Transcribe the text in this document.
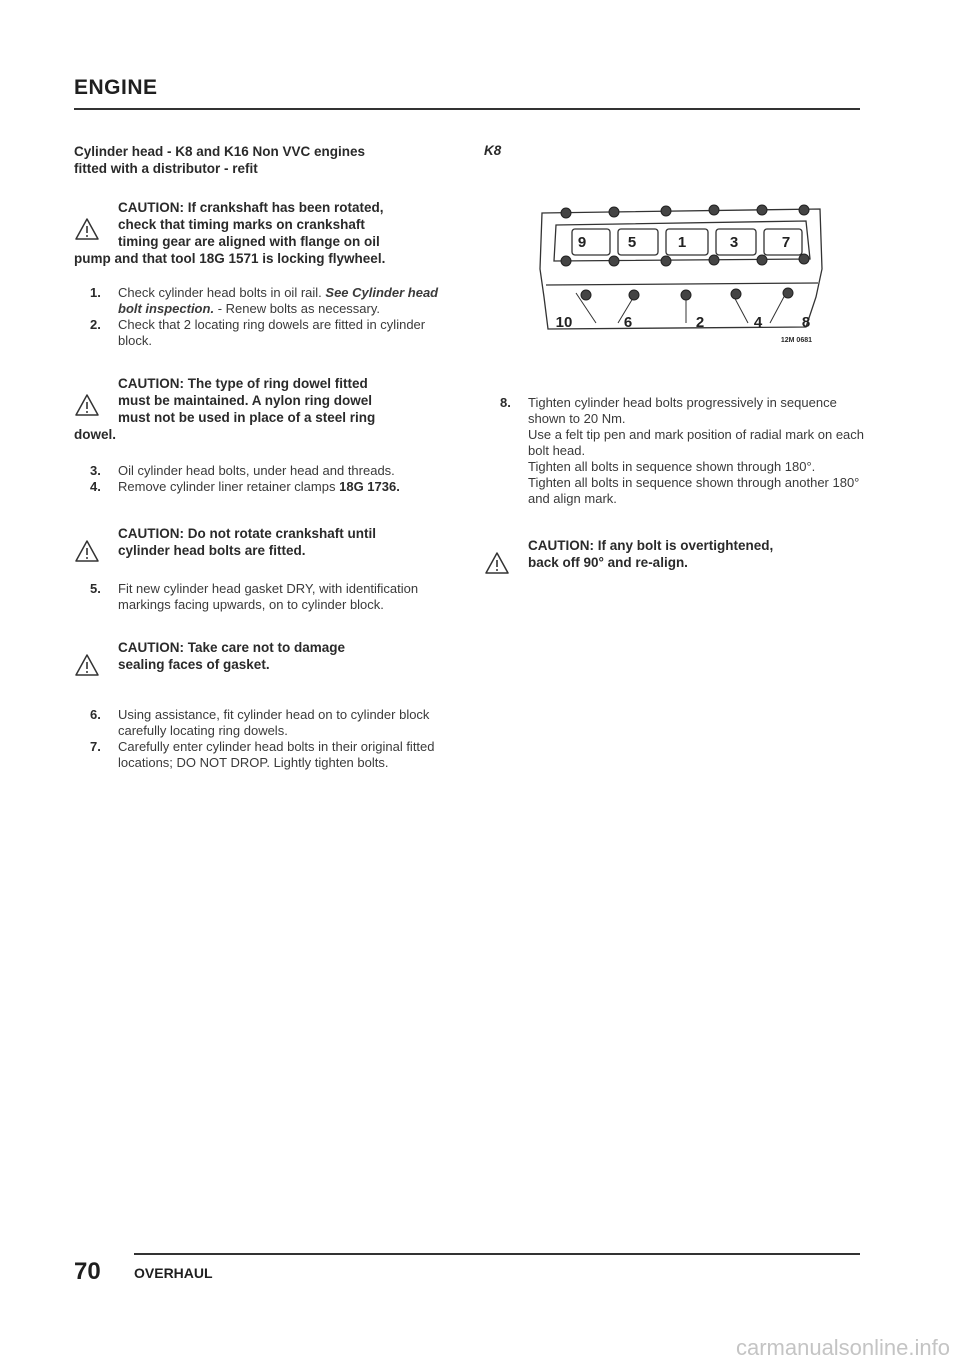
ENGINE

Cylinder head - K8 and K16 Non VVC engines
fitted with a distributor - refit

CAUTION: If crankshaft has been rotated,
check that timing marks on crankshaft
timing gear are aligned with flange on oil
pump and that tool 18G 1571 is locking flywheel.
1. Check cylinder head bolts in oil rail. See Cylinder head bolt inspection. - Renew bolts as necessary.
2. Check that 2 locating ring dowels are fitted in cylinder block.
CAUTION: The type of ring dowel fitted
must be maintained. A nylon ring dowel
must not be used in place of a steel ring
dowel.
3. Oil cylinder head bolts, under head and threads.
4. Remove cylinder liner retainer clamps 18G 1736.
CAUTION: Do not rotate crankshaft until
cylinder head bolts are fitted.
5. Fit new cylinder head gasket DRY, with identification markings facing upwards, on to cylinder block.
CAUTION: Take care not to damage
sealing faces of gasket.
6. Using assistance, fit cylinder head on to cylinder block carefully locating ring dowels.
7. Carefully enter cylinder head bolts in their original fitted locations; DO NOT DROP. Lightly tighten bolts.

K8

9	5	1	3	7
10	6	2	4	8
12M 0681
8. Tighten cylinder head bolts progressively in sequence shown to 20 Nm.
Use a felt tip pen and mark position of radial mark on each bolt head.
Tighten all bolts in sequence shown through 180°.
Tighten all bolts in sequence shown through another 180° and align mark.
CAUTION: If any bolt is overtightened,
back off 90° and re-align.
70 OVERHAUL
carmanualsonline.info
